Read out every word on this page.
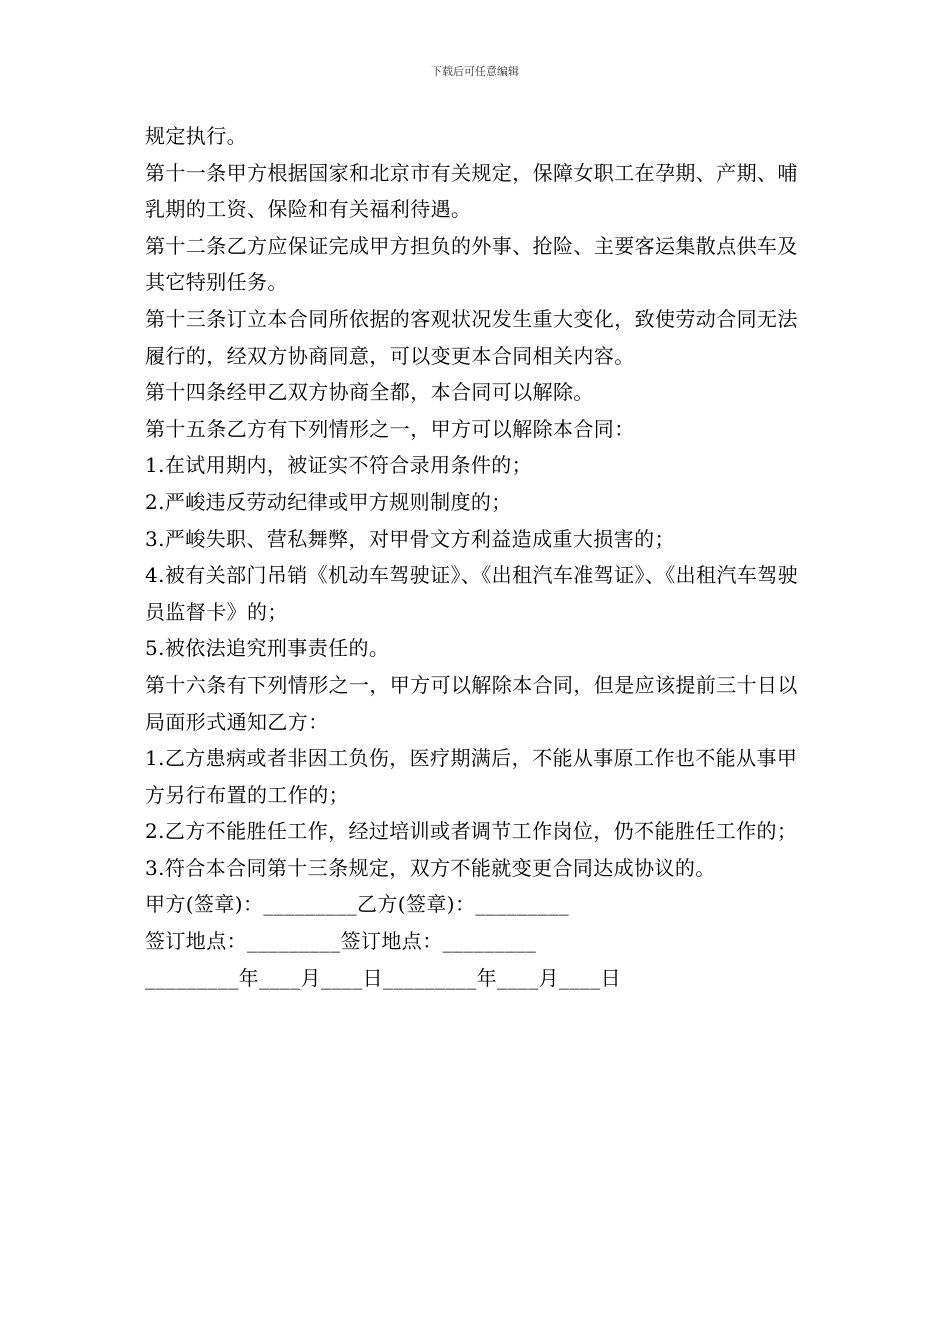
下载后可任意编辑

规定执行。

第十一条甲方根据国家和北京市有关规定，保障女职工在孕期、产期、哺乳期的工资、保险和有关福利待遇。

第十二条乙方应保证完成甲方担负的外事、抢险、主要客运集散点供车及其它特别任务。

第十三条订立本合同所依据的客观状况发生重大变化，致使劳动合同无法履行的，经双方协商同意，可以变更本合同相关内容。

第十四条经甲乙双方协商全都，本合同可以解除。

第十五条乙方有下列情形之一，甲方可以解除本合同：

1.在试用期内，被证实不符合录用条件的；

2.严峻违反劳动纪律或甲方规则制度的；

3.严峻失职、营私舞弊，对甲骨文方利益造成重大损害的；

4.被有关部门吊销《机动车驾驶证》、《出租汽车准驾证》、《出租汽车驾驶员监督卡》的；

5.被依法追究刑事责任的。

第十六条有下列情形之一，甲方可以解除本合同，但是应该提前三十日以局面形式通知乙方：

1.乙方患病或者非因工负伤，医疗期满后，不能从事原工作也不能从事甲方另行布置的工作的；

2.乙方不能胜任工作，经过培训或者调节工作岗位，仍不能胜任工作的；

3.符合本合同第十三条规定，双方不能就变更合同达成协议的。

甲方(签章)：_________乙方(签章)：_________

签订地点：_________签订地点：_________

_________年____月____日_________年____月____日
